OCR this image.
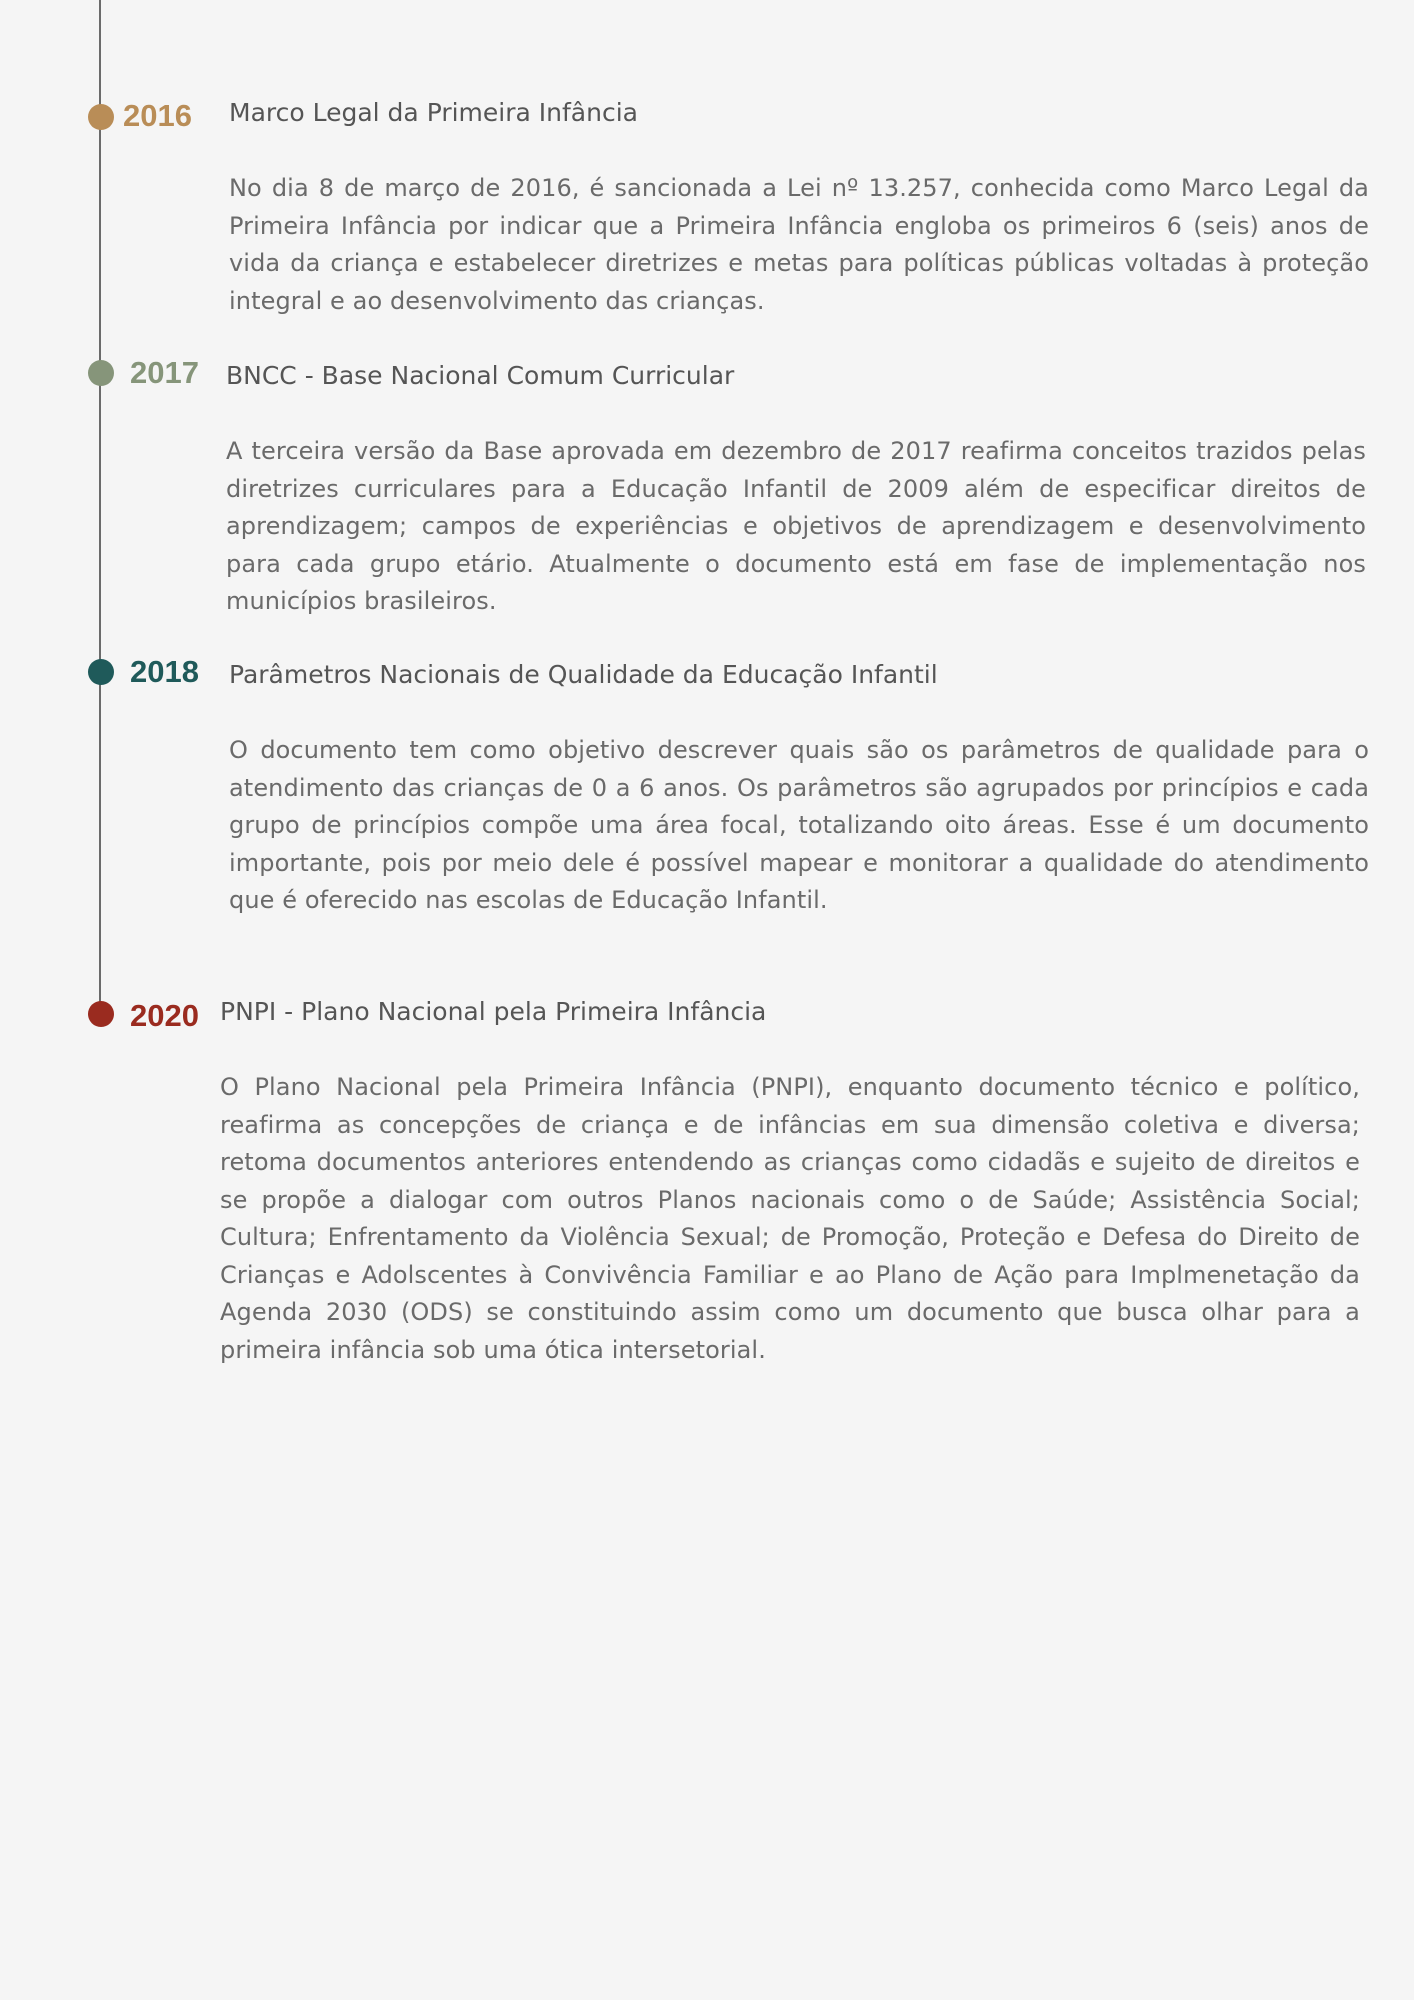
2016 Marco Legal da Primeira Infância
No dia 8 de março de 2016, é sancionada a Lei nº 13.257, conhecida como Marco Legal da Primeira Infância por indicar que a Primeira Infância engloba os primeiros 6 (seis) anos de vida da criança e estabelecer diretrizes e metas para políticas públicas voltadas à proteção integral e ao desenvolvimento das crianças.
2017 BNCC - Base Nacional Comum Curricular
A terceira versão da Base aprovada em dezembro de 2017 reafirma conceitos trazidos pelas diretrizes curriculares para a Educação Infantil de 2009 além de especificar direitos de aprendizagem; campos de experiências e objetivos de aprendizagem e desenvolvimento para cada grupo etário. Atualmente o documento está em fase de implementação nos municípios brasileiros.
2018 Parâmetros Nacionais de Qualidade da Educação Infantil
O documento tem como objetivo descrever quais são os parâmetros de qualidade para o atendimento das crianças de 0 a 6 anos. Os parâmetros são agrupados por princípios e cada grupo de princípios compõe uma área focal, totalizando oito áreas. Esse é um documento importante, pois por meio dele é possível mapear e monitorar a qualidade do atendimento que é oferecido nas escolas de Educação Infantil.
2020 PNPI - Plano Nacional pela Primeira Infância
O Plano Nacional pela Primeira Infância (PNPI), enquanto documento técnico e político, reafirma as concepções de criança e de infâncias em sua dimensão coletiva e diversa; retoma documentos anteriores entendendo as crianças como cidadãs e sujeito de direitos e se propõe a dialogar com outros Planos nacionais como o de Saúde; Assistência Social; Cultura; Enfrentamento da Violência Sexual; de Promoção, Proteção e Defesa do Direito de Crianças e Adolscentes à Convivência Familiar e ao Plano de Ação para Implmenetação da Agenda 2030 (ODS) se constituindo assim como um documento que busca olhar para a primeira infância sob uma ótica intersetorial.
